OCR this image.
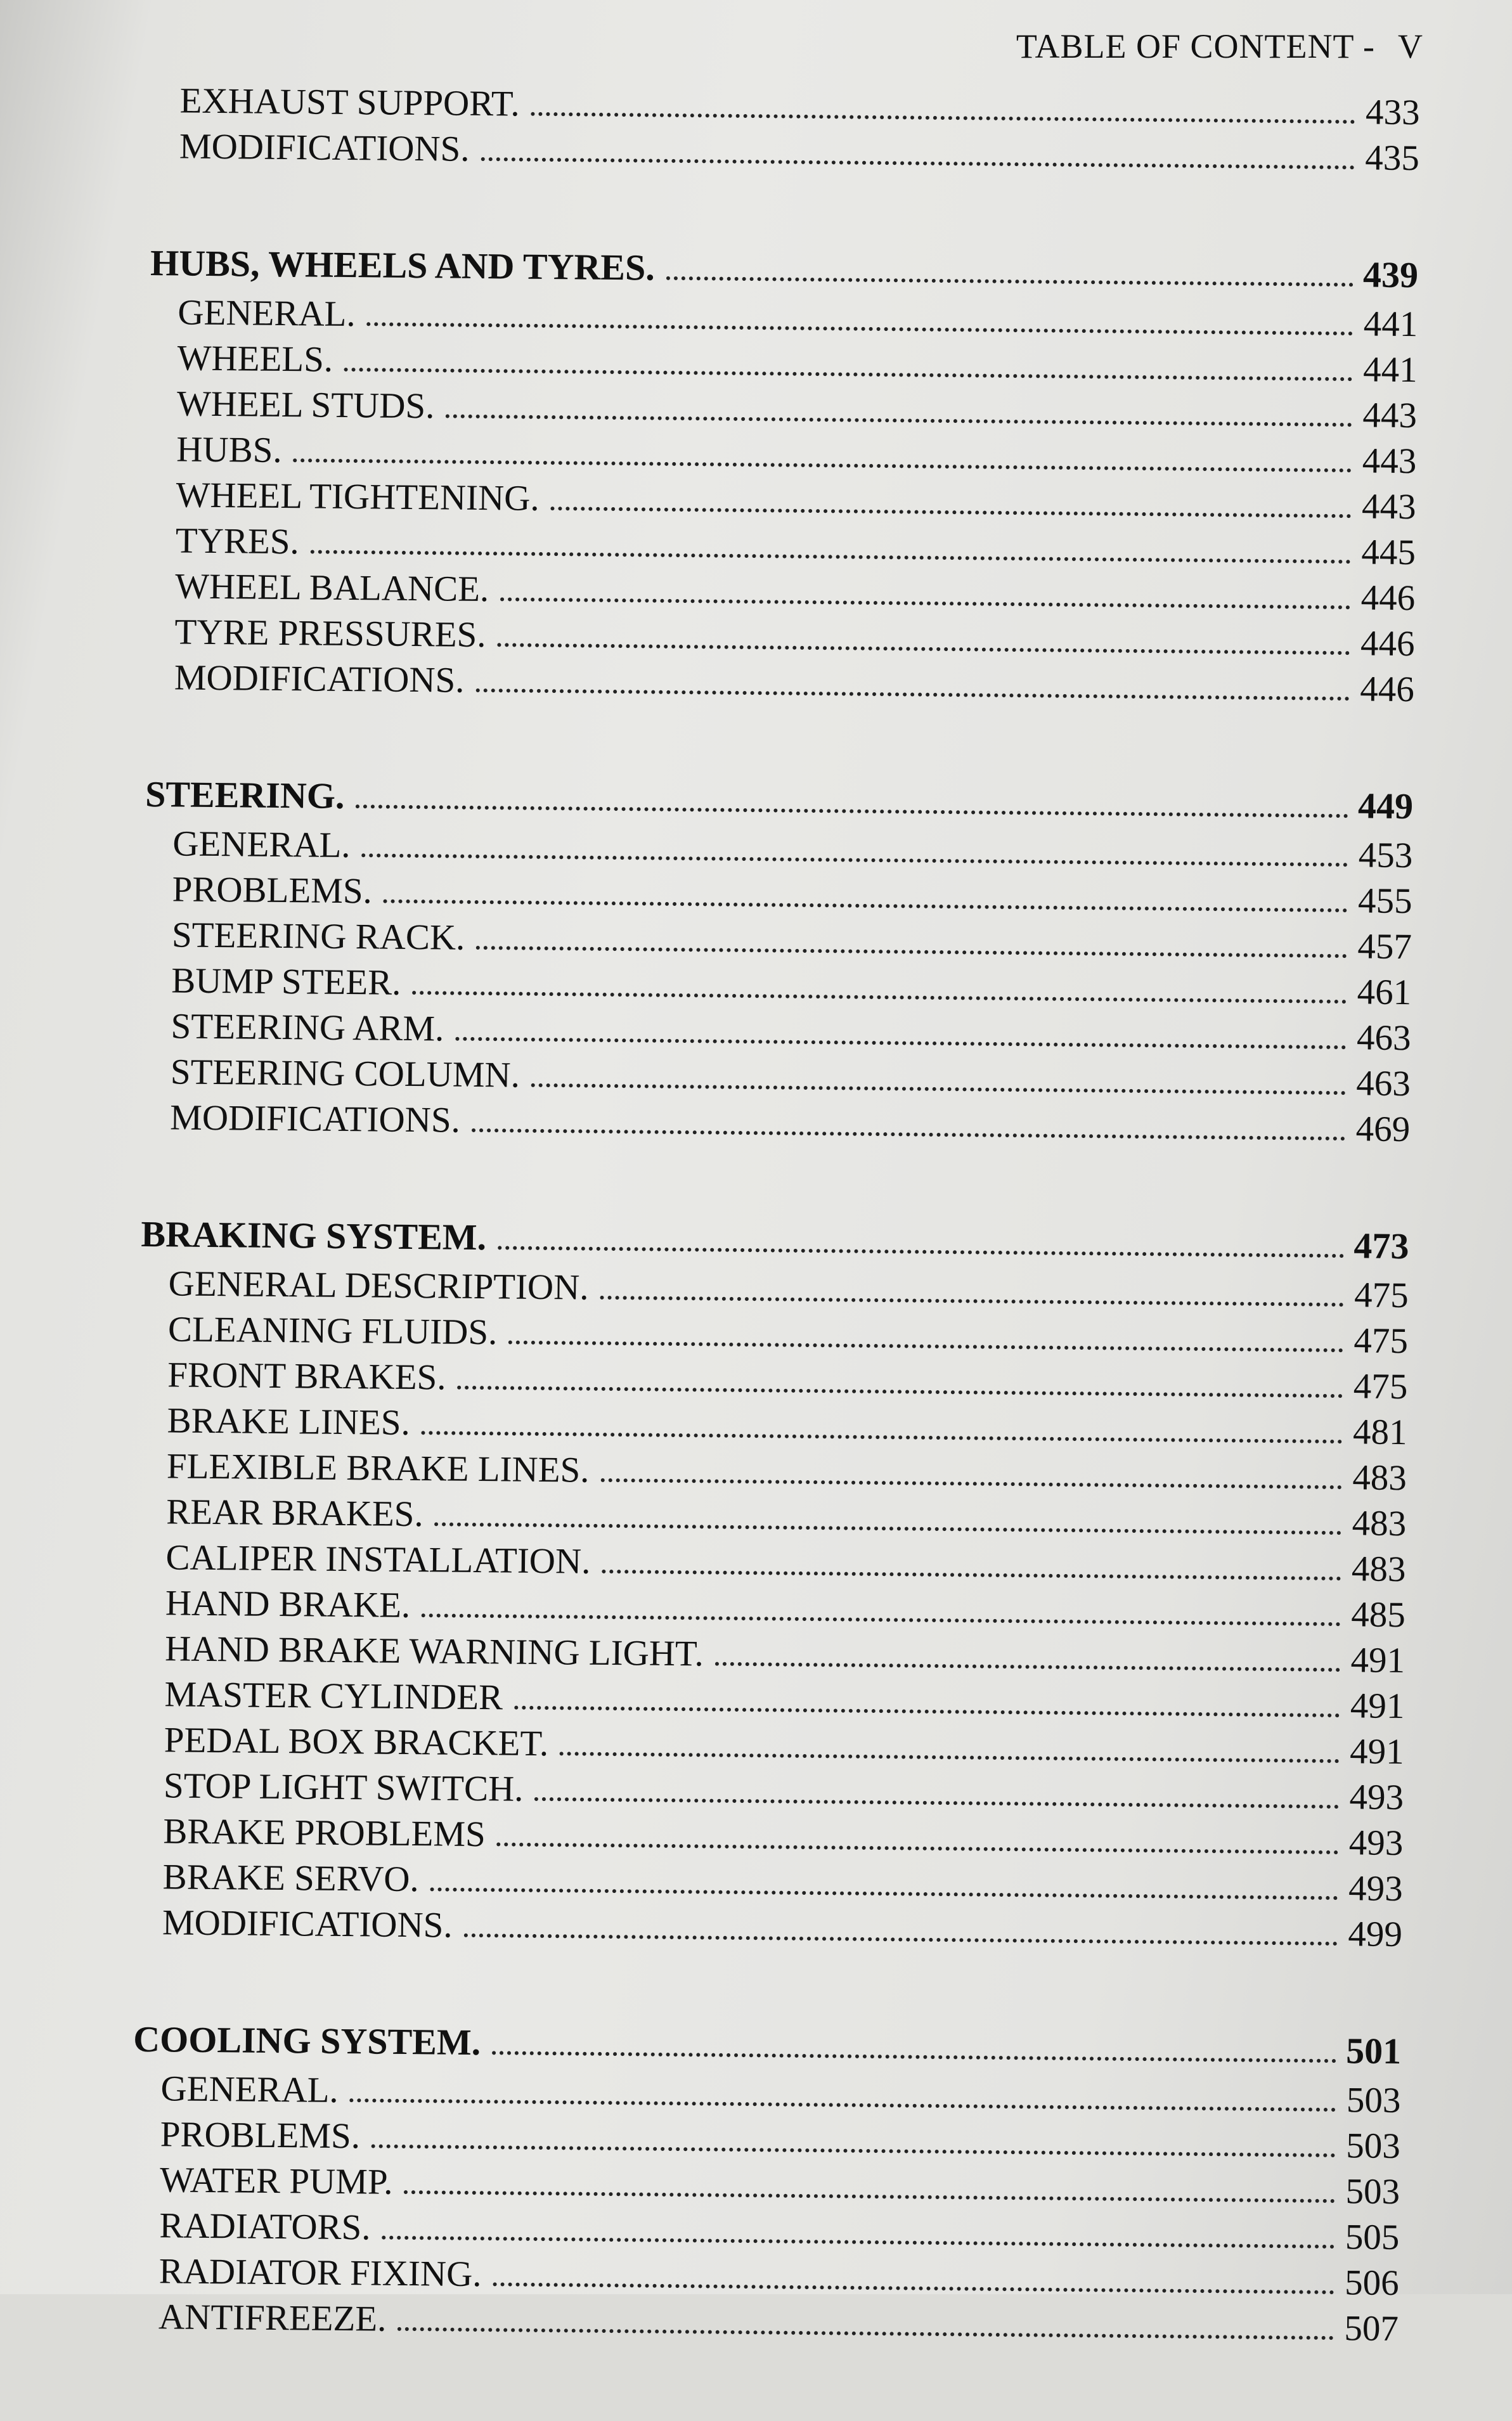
TABLE OF CONTENT - V
EXHAUST SUPPORT.	433
MODIFICATIONS.	435
HUBS, WHEELS AND TYRES.	439
GENERAL.	441
WHEELS.	441
WHEEL STUDS.	443
HUBS.	443
WHEEL TIGHTENING.	443
TYRES.	445
WHEEL BALANCE.	446
TYRE PRESSURES.	446
MODIFICATIONS.	446
STEERING.	449
GENERAL.	453
PROBLEMS.	455
STEERING RACK.	457
BUMP STEER.	461
STEERING ARM.	463
STEERING COLUMN.	463
MODIFICATIONS.	469
BRAKING SYSTEM.	473
GENERAL DESCRIPTION.	475
CLEANING FLUIDS.	475
FRONT BRAKES.	475
BRAKE LINES.	481
FLEXIBLE BRAKE LINES.	483
REAR BRAKES.	483
CALIPER INSTALLATION.	483
HAND BRAKE.	485
HAND BRAKE WARNING LIGHT.	491
MASTER CYLINDER	491
PEDAL BOX BRACKET.	491
STOP LIGHT SWITCH.	493
BRAKE PROBLEMS	493
BRAKE SERVO.	493
MODIFICATIONS.	499
COOLING SYSTEM.	501
GENERAL.	503
PROBLEMS.	503
WATER PUMP.	503
RADIATORS.	505
RADIATOR FIXING.	506
ANTIFREEZE.	507
